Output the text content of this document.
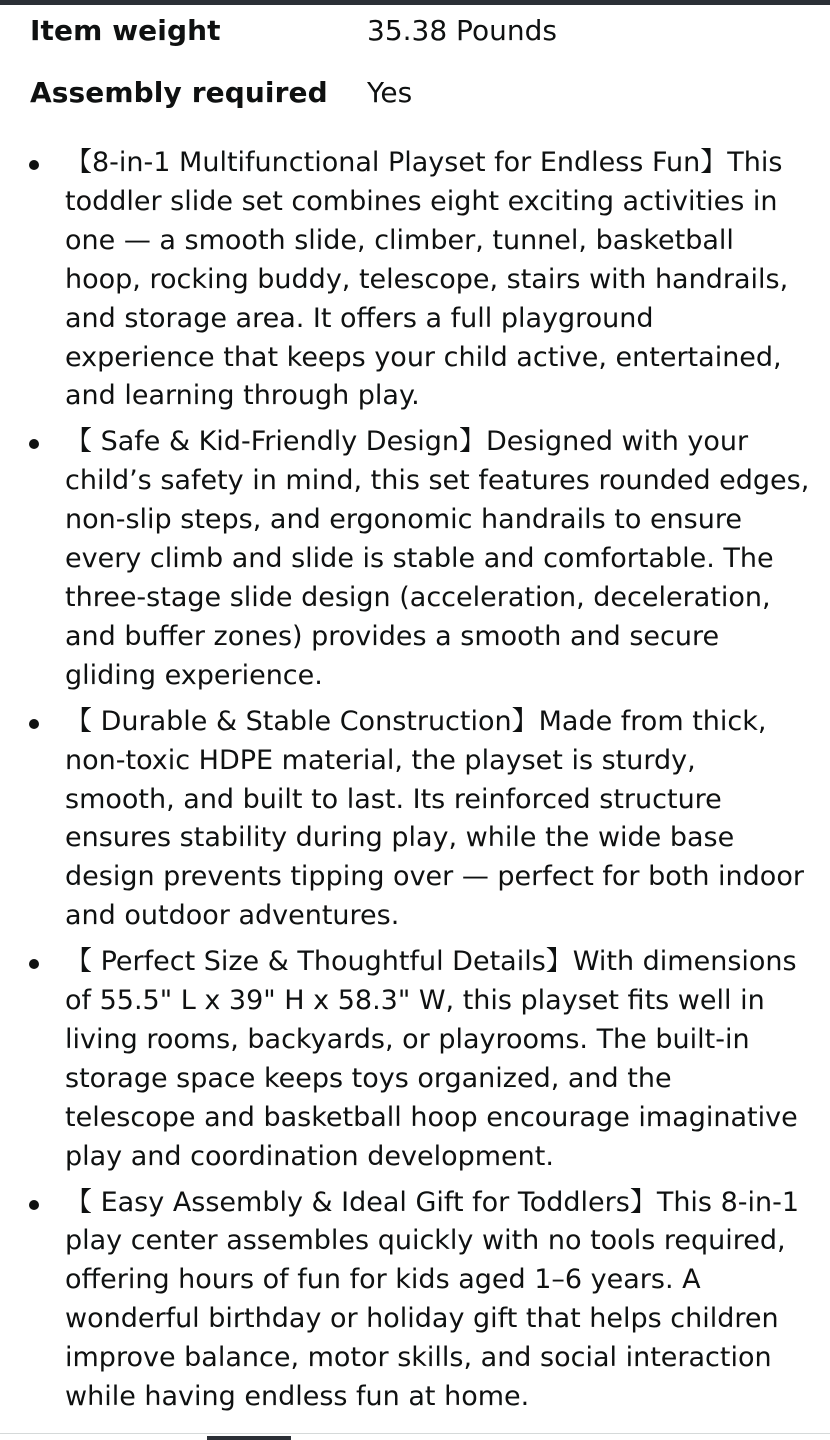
Item weight	35.38 Pounds
Assembly required	Yes
【8-in-1 Multifunctional Playset for Endless Fun】This toddler slide set combines eight exciting activities in one — a smooth slide, climber, tunnel, basketball hoop, rocking buddy, telescope, stairs with handrails, and storage area. It offers a full playground experience that keeps your child active, entertained, and learning through play.
【 Safe & Kid-Friendly Design】Designed with your child’s safety in mind, this set features rounded edges, non-slip steps, and ergonomic handrails to ensure every climb and slide is stable and comfortable. The three-stage slide design (acceleration, deceleration, and buffer zones) provides a smooth and secure gliding experience.
【 Durable & Stable Construction】Made from thick, non-toxic HDPE material, the playset is sturdy, smooth, and built to last. Its reinforced structure ensures stability during play, while the wide base design prevents tipping over — perfect for both indoor and outdoor adventures.
【 Perfect Size & Thoughtful Details】With dimensions of 55.5" L x 39" H x 58.3" W, this playset fits well in living rooms, backyards, or playrooms. The built-in storage space keeps toys organized, and the telescope and basketball hoop encourage imaginative play and coordination development.
【 Easy Assembly & Ideal Gift for Toddlers】This 8-in-1 play center assembles quickly with no tools required, offering hours of fun for kids aged 1–6 years. A wonderful birthday or holiday gift that helps children improve balance, motor skills, and social interaction while having endless fun at home.
